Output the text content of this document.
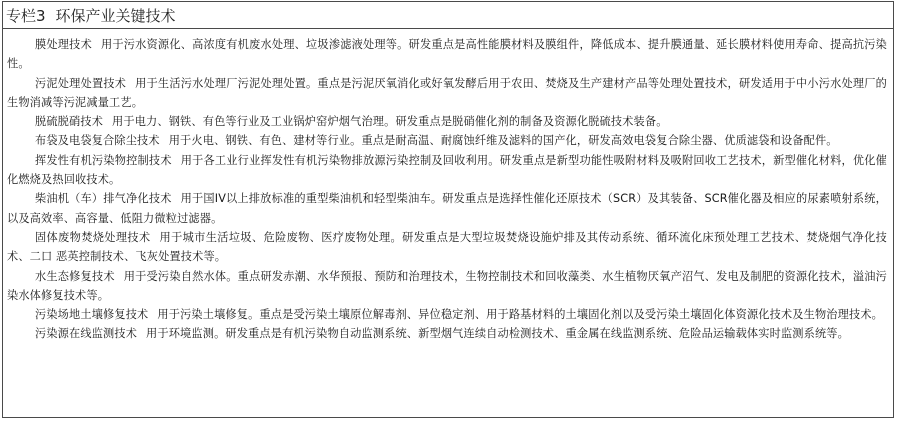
专栏3 环保产业关键技术

膜处理技术 用于污水资源化、高浓度有机废水处理、垃圾渗滤液处理等。研发重点是高性能膜材料及膜组件，降低成本、提升膜通量、延长膜材料使用寿命、提高抗污染性。

污泥处理处置技术 用于生活污水处理厂污泥处理处置。重点是污泥厌氧消化或好氧发酵后用于农田、焚烧及生产建材产品等处理处置技术，研发适用于中小污水处理厂的生物消减等污泥减量工艺。

脱硫脱硝技术 用于电力、钢铁、有色等行业及工业锅炉窑炉烟气治理。研发重点是脱硝催化剂的制备及资源化脱硫技术装备。

布袋及电袋复合除尘技术 用于火电、钢铁、有色、建材等行业。重点是耐高温、耐腐蚀纤维及滤料的国产化，研发高效电袋复合除尘器、优质滤袋和设备配件。

挥发性有机污染物控制技术 用于各工业行业挥发性有机污染物排放源污染控制及回收利用。研发重点是新型功能性吸附材料及吸附回收工艺技术，新型催化材料，优化催化燃烧及热回收技术。

柴油机（车）排气净化技术 用于国IV以上排放标准的重型柴油机和轻型柴油车。研发重点是选择性催化还原技术（SCR）及其装备、SCR催化器及相应的尿素喷射系统，以及高效率、高容量、低阻力微粒过滤器。

固体废物焚烧处理技术 用于城市生活垃圾、危险废物、医疗废物处理。研发重点是大型垃圾焚烧设施炉排及其传动系统、循环流化床预处理工艺技术、焚烧烟气净化技术、二口 恶英控制技术、飞灰处置技术等。

水生态修复技术 用于受污染自然水体。重点研发赤潮、水华预报、预防和治理技术，生物控制技术和回收藻类、水生植物厌氧产沼气、发电及制肥的资源化技术，溢油污染水体修复技术等。

污染场地土壤修复技术 用于污染土壤修复。重点是受污染土壤原位解毒剂、异位稳定剂、用于路基材料的土壤固化剂以及受污染土壤固化体资源化技术及生物治理技术。

污染源在线监测技术 用于环境监测。研发重点是有机污染物自动监测系统、新型烟气连续自动检测技术、重金属在线监测系统、危险品运输载体实时监测系统等。
